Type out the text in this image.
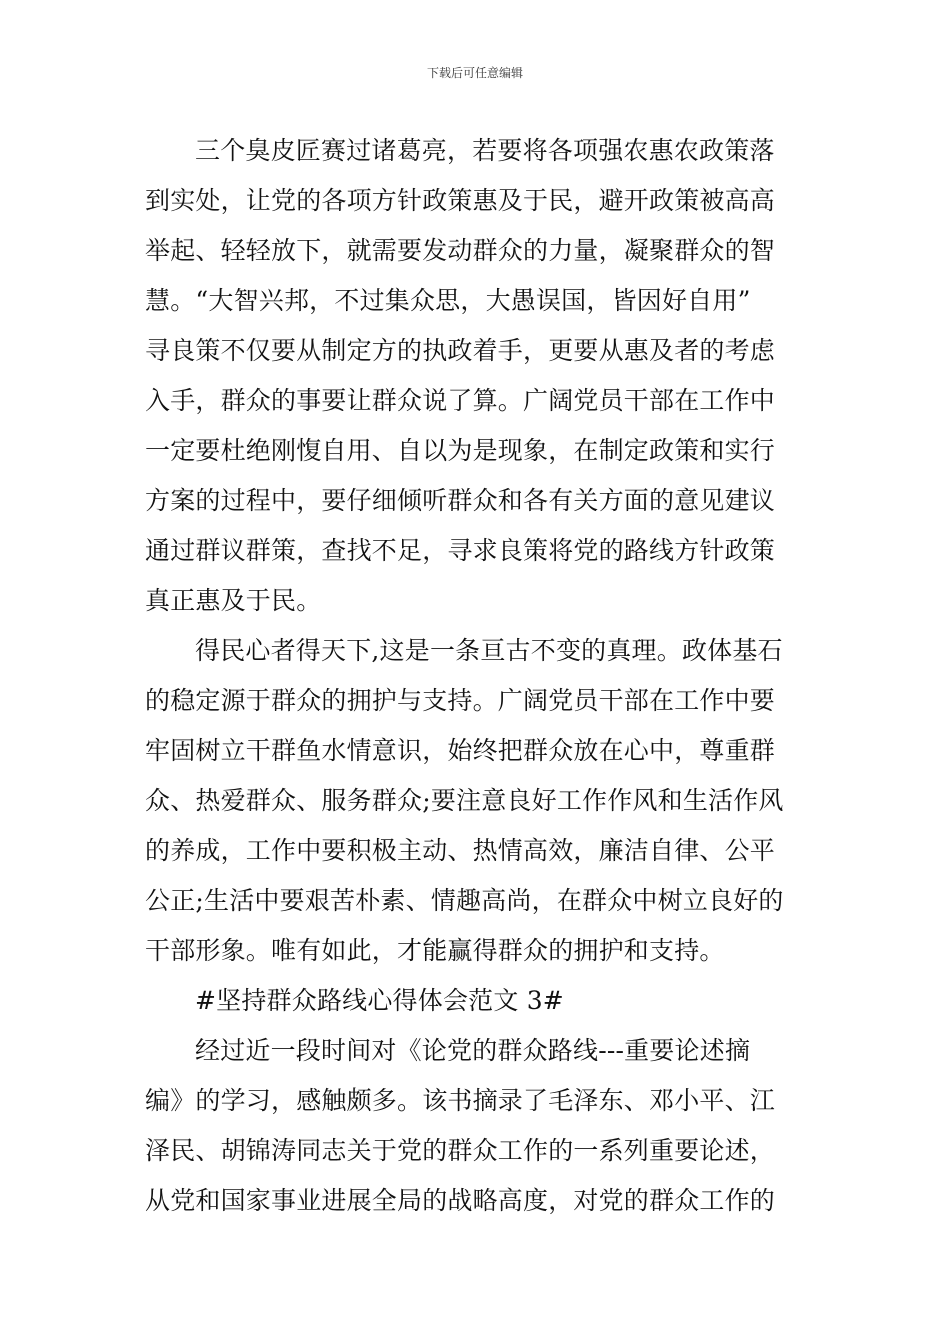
下载后可任意编辑
三个臭皮匠赛过诸葛亮，若要将各项强农惠农政策落
到实处，让党的各项方针政策惠及于民，避开政策被高高
举起、轻轻放下，就需要发动群众的力量，凝聚群众的智
慧。“大智兴邦，不过集众思，大愚误国，皆因好自用”
寻良策不仅要从制定方的执政着手，更要从惠及者的考虑
入手，群众的事要让群众说了算。广阔党员干部在工作中
一定要杜绝刚愎自用、自以为是现象，在制定政策和实行
方案的过程中，要仔细倾听群众和各有关方面的意见建议
通过群议群策，查找不足，寻求良策将党的路线方针政策
真正惠及于民。
得民心者得天下,这是一条亘古不变的真理。政体基石
的稳定源于群众的拥护与支持。广阔党员干部在工作中要
牢固树立干群鱼水情意识，始终把群众放在心中，尊重群
众、热爱群众、服务群众;要注意良好工作作风和生活作风
的养成，工作中要积极主动、热情高效，廉洁自律、公平
公正;生活中要艰苦朴素、情趣高尚，在群众中树立良好的
干部形象。唯有如此，才能赢得群众的拥护和支持。
#坚持群众路线心得体会范文 3#
经过近一段时间对《论党的群众路线---重要论述摘
编》的学习，感触颇多。该书摘录了毛泽东、邓小平、江
泽民、胡锦涛同志关于党的群众工作的一系列重要论述，
从党和国家事业进展全局的战略高度，对党的群众工作的
